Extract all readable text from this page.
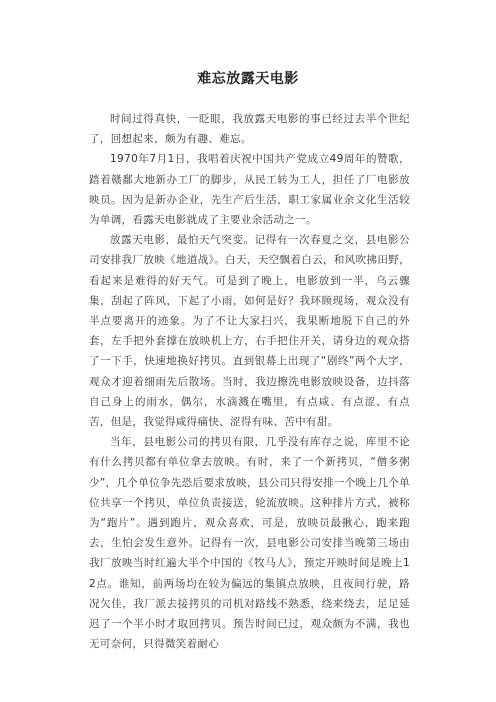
难忘放露天电影

时间过得真快，一眨眼，我放露天电影的事已经过去半个世纪了，回想起来，颇为有趣、难忘。

1970年7月1日，我唱着庆祝中国共产党成立49周年的赞歌，踏着赣鄱大地新办工厂的脚步，从民工转为工人，担任了厂电影放映员。因为是新办企业，先生产后生活，职工家属业余文化生活较为单调，看露天电影就成了主要业余活动之一。

放露天电影，最怕天气突变。记得有一次春夏之交，县电影公司安排我厂放映《地道战》。白天，天空飘着白云，和风吹拂田野，看起来是难得的好天气。可是到了晚上，电影放到一半，乌云骤集，刮起了阵风，下起了小雨，如何是好？我环顾现场，观众没有半点要离开的迹象。为了不让大家扫兴，我果断地脱下自己的外套，左手把外套撑在放映机上方，右手把住开关，请身边的观众搭了一下手，快速地换好拷贝。直到银幕上出现了“剧终”两个大字，观众才迎着细雨先后散场。当时，我边擦洗电影放映设备，边抖落自己身上的雨水，偶尔，水滴溅在嘴里，有点咸、有点涩、有点苦，但是，我觉得咸得痛快、涩得有味、苦中有甜。

当年，县电影公司的拷贝有限，几乎没有库存之说，库里不论有什么拷贝都有单位拿去放映。有时，来了一个新拷贝，“僧多粥少”，几个单位争先恐后要求放映，县公司只得安排一个晚上几个单位共享一个拷贝，单位负责接送，轮流放映。这种排片方式，被称为“跑片”。遇到跑片，观众喜欢，可是，放映员最揪心，跑来跑去，生怕会发生意外。记得有一次，县电影公司安排当晚第三场由我厂放映当时红遍大半个中国的《牧马人》，预定开映时间是晚上12点。谁知，前两场均在较为偏远的集镇点放映，且夜间行驶，路况欠佳，我厂派去接拷贝的司机对路线不熟悉，绕来绕去，足足延迟了一个半小时才取回拷贝。预告时间已过，观众颇为不满，我也无可奈何，只得微笑着耐心
